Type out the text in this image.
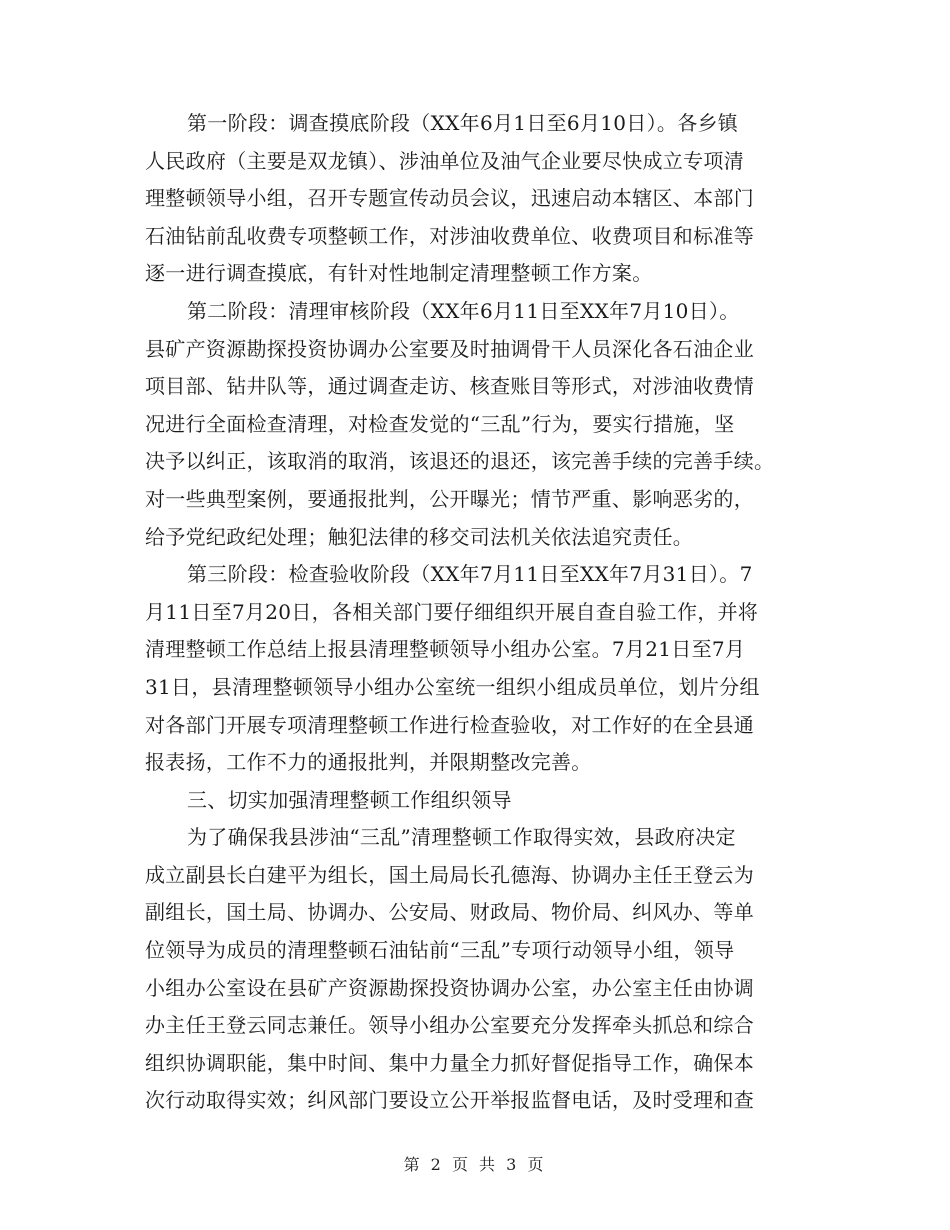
第一阶段：调查摸底阶段（XX年6月1日至6月10日）。各乡镇
人民政府（主要是双龙镇）、涉油单位及油气企业要尽快成立专项清
理整顿领导小组，召开专题宣传动员会议，迅速启动本辖区、本部门
石油钻前乱收费专项整顿工作，对涉油收费单位、收费项目和标准等
逐一进行调查摸底，有针对性地制定清理整顿工作方案。
第二阶段：清理审核阶段（XX年6月11日至XX年7月10日）。
县矿产资源勘探投资协调办公室要及时抽调骨干人员深化各石油企业
项目部、钻井队等，通过调查走访、核查账目等形式，对涉油收费情
况进行全面检查清理，对检查发觉的“三乱”行为，要实行措施，坚
决予以纠正，该取消的取消，该退还的退还，该完善手续的完善手续。
对一些典型案例，要通报批判，公开曝光；情节严重、影响恶劣的，
给予党纪政纪处理；触犯法律的移交司法机关依法追究责任。
第三阶段：检查验收阶段（XX年7月11日至XX年7月31日）。7
月11日至7月20日，各相关部门要仔细组织开展自查自验工作，并将
清理整顿工作总结上报县清理整顿领导小组办公室。7月21日至7月
31日，县清理整顿领导小组办公室统一组织小组成员单位，划片分组
对各部门开展专项清理整顿工作进行检查验收，对工作好的在全县通
报表扬，工作不力的通报批判，并限期整改完善。
三、切实加强清理整顿工作组织领导
为了确保我县涉油“三乱”清理整顿工作取得实效，县政府决定
成立副县长白建平为组长，国土局局长孔德海、协调办主任王登云为
副组长，国土局、协调办、公安局、财政局、物价局、纠风办、等单
位领导为成员的清理整顿石油钻前“三乱”专项行动领导小组，领导
小组办公室设在县矿产资源勘探投资协调办公室，办公室主任由协调
办主任王登云同志兼任。领导小组办公室要充分发挥牵头抓总和综合
组织协调职能，集中时间、集中力量全力抓好督促指导工作，确保本
次行动取得实效；纠风部门要设立公开举报监督电话，及时受理和查
第 2 页 共 3 页
